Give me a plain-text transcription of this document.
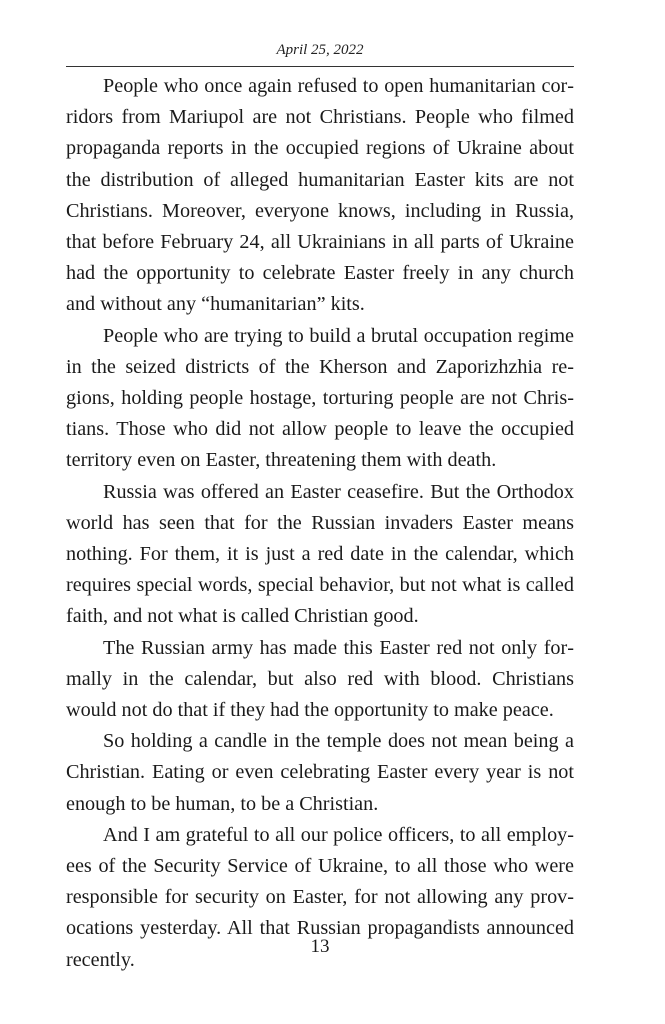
April 25, 2022

People who once again refused to open humanitarian corridors from Mariupol are not Christians. People who filmed propaganda reports in the occupied regions of Ukraine about the distribution of alleged humanitarian Easter kits are not Christians. Moreover, everyone knows, including in Russia, that before February 24, all Ukrainians in all parts of Ukraine had the opportunity to celebrate Easter freely in any church and without any “humanitarian” kits.

People who are trying to build a brutal occupation regime in the seized districts of the Kherson and Zaporizhzhia regions, holding people hostage, torturing people are not Christians. Those who did not allow people to leave the occupied territory even on Easter, threatening them with death.

Russia was offered an Easter ceasefire. But the Orthodox world has seen that for the Russian invaders Easter means nothing. For them, it is just a red date in the calendar, which requires special words, special behavior, but not what is called faith, and not what is called Christian good.

The Russian army has made this Easter red not only formally in the calendar, but also red with blood. Christians would not do that if they had the opportunity to make peace.

So holding a candle in the temple does not mean being a Christian. Eating or even celebrating Easter every year is not enough to be human, to be a Christian.

And I am grateful to all our police officers, to all employees of the Security Service of Ukraine, to all those who were responsible for security on Easter, for not allowing any provocations yesterday. All that Russian propagandists announced recently.

13
